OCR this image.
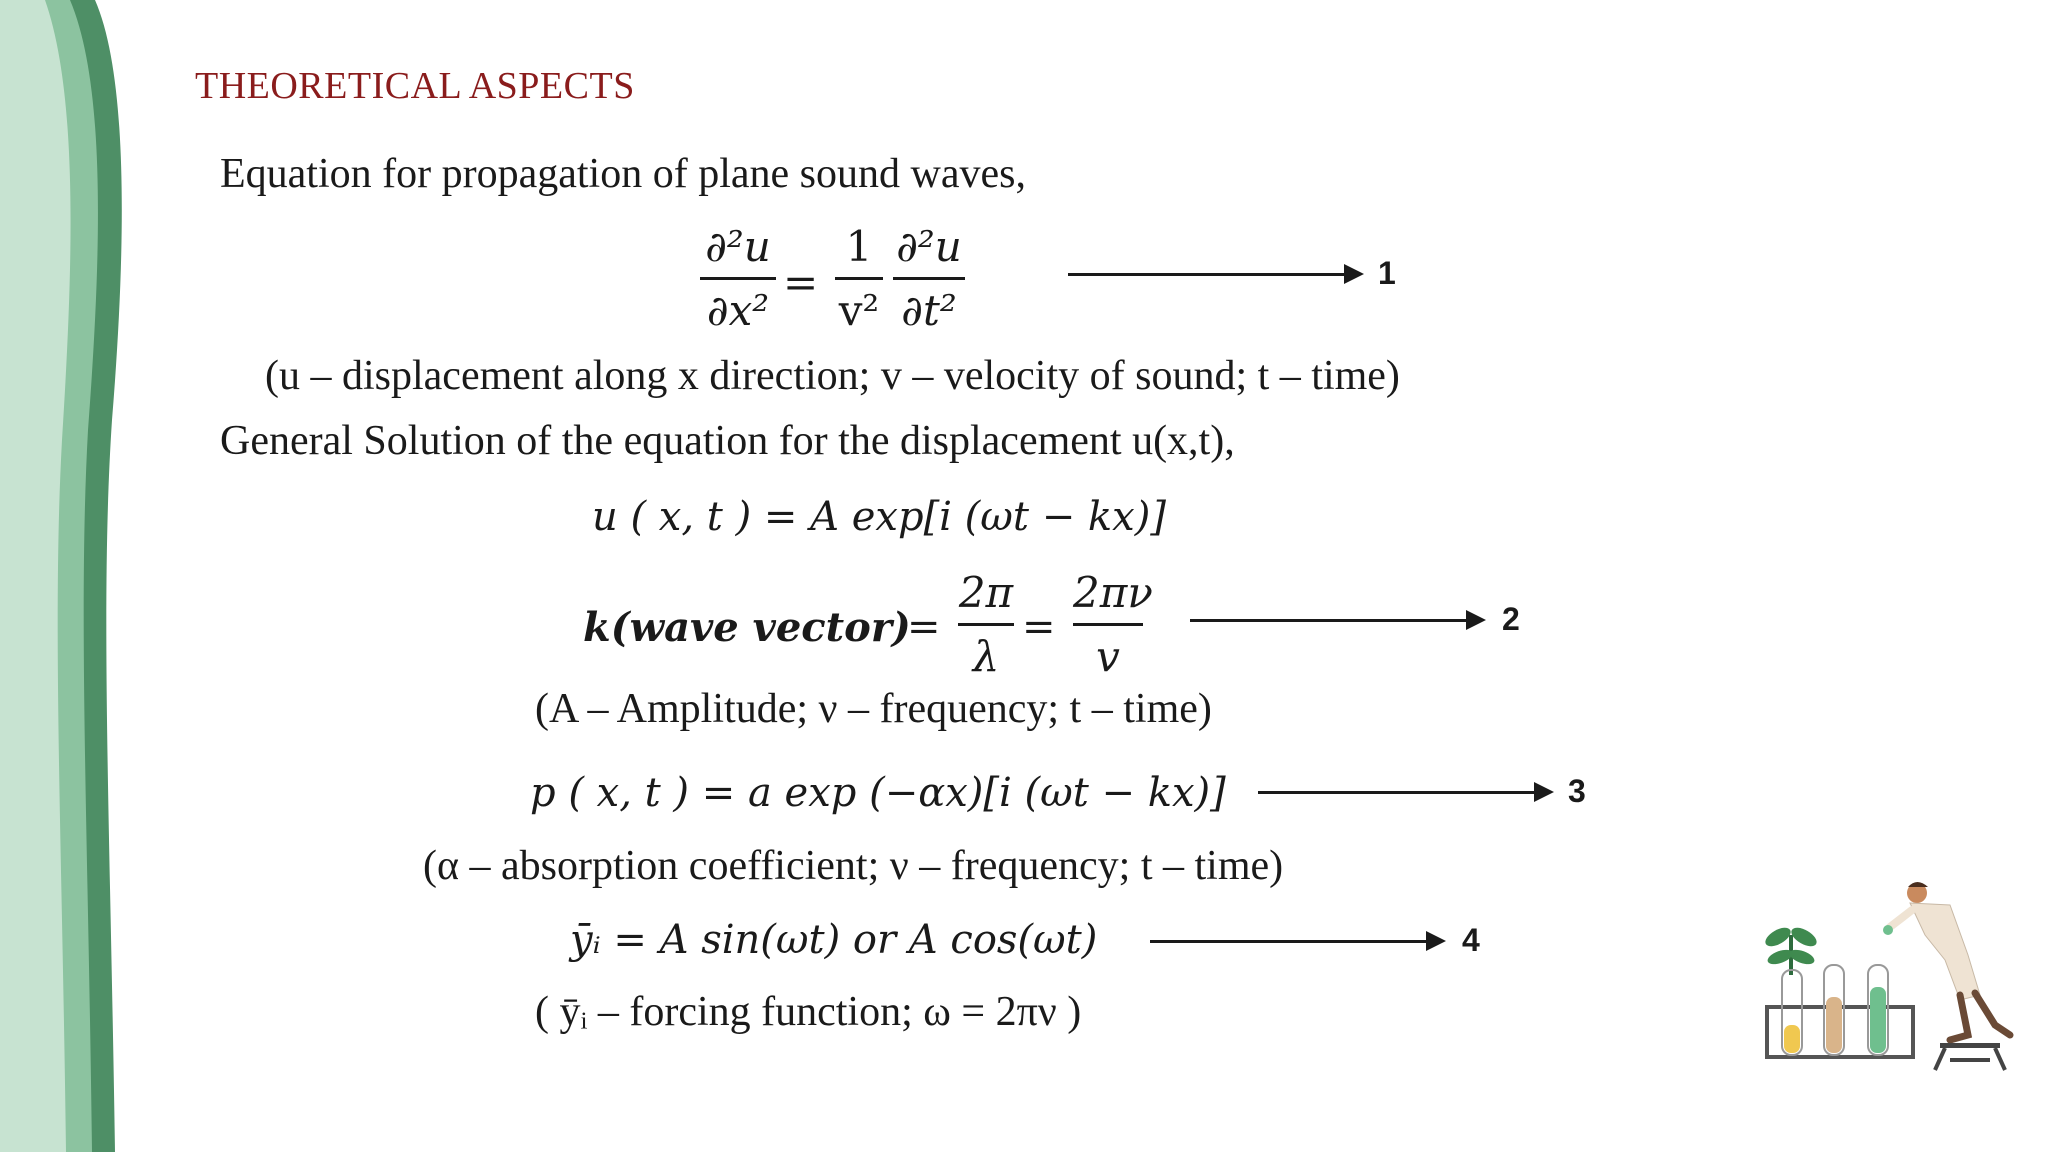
THEORETICAL ASPECTS
Equation for propagation of plane sound waves,
∂²u
∂x²
=
1
v²
∂²u
∂t²
1
(u – displacement along x direction; v – velocity of sound; t – time)
General Solution of the equation for the displacement u(x,t),
u ( x, t ) = A exp[i (ωt − kx)]
k(wave vector)
=
2π
λ
=
2πν
v
2
(A – Amplitude; ν – frequency; t – time)
p ( x, t ) = a exp (−αx)[i (ωt − kx)]	3
(α – absorption coefficient; ν – frequency; t – time)
ȳᵢ = A sin(ωt) or A cos(ωt)	4
( ȳᵢ – forcing function; ω = 2πν )
